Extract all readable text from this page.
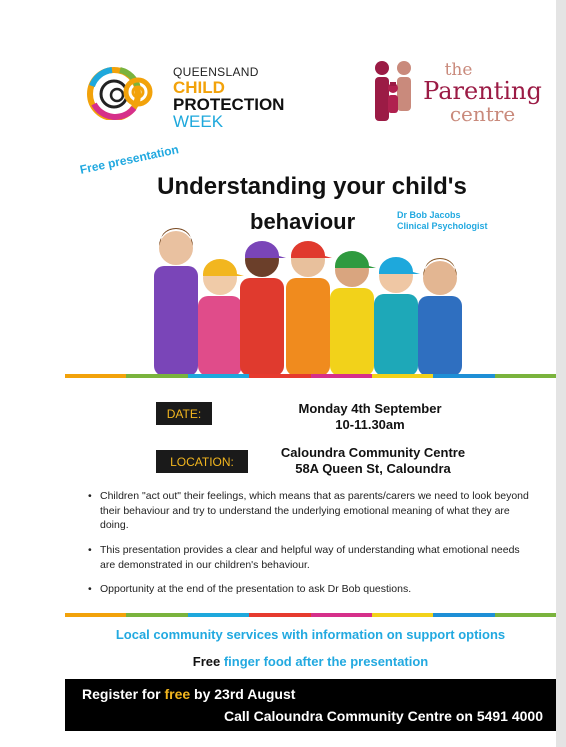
QUEENSLAND
CHILD
PROTECTION
WEEK
the
Parenting
centre
Free presentation
Understanding your child's
behaviour	Dr Bob Jacobs
Clinical Psychologist
DATE:	Monday 4th September
10-11.30am
LOCATION:
Caloundra Community Centre
58A Queen St, Caloundra
• Children "act out" their feelings, which means that as parents/carers we need to look beyond their behaviour and try to understand the underlying emotional meaning of what they are doing.
• This presentation provides a clear and helpful way of understanding what emotional needs are demonstrated in our children's behaviour.
• Opportunity at the end of the presentation to ask Dr Bob questions.
Local community services with information on support options
Free finger food after the presentation
Register for free by 23rd August
Call Caloundra Community Centre on 5491 4000
